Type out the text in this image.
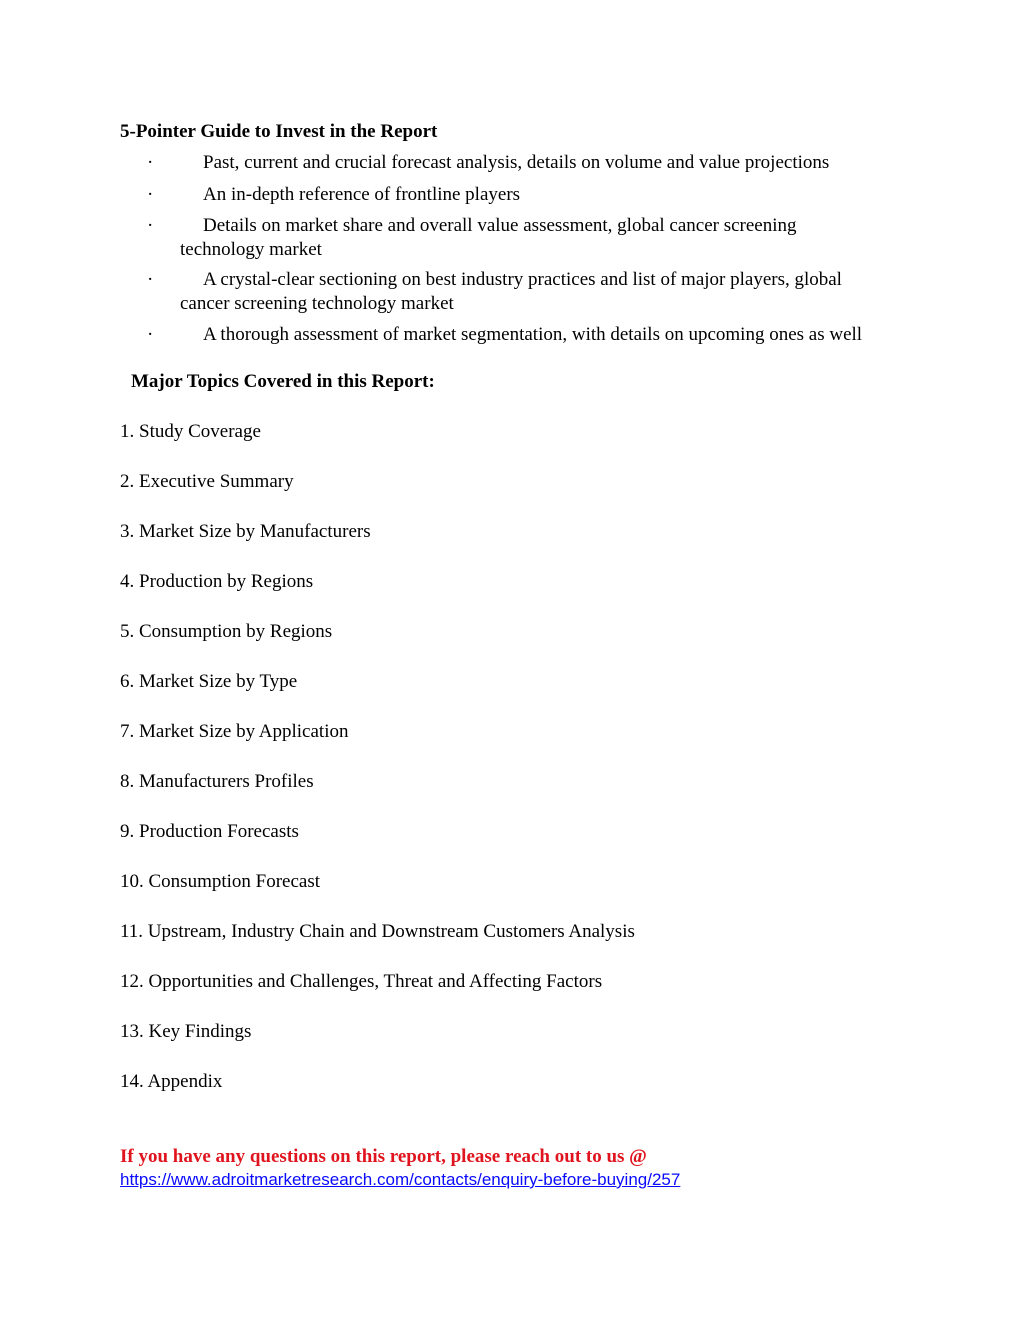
5-Pointer Guide to Invest in the Report
·	Past, current and crucial forecast analysis, details on volume and value projections
·	An in-depth reference of frontline players
·	Details on market share and overall value assessment, global cancer screening
technology market
·	A crystal-clear sectioning on best industry practices and list of major players, global
cancer screening technology market
·	A thorough assessment of market segmentation, with details on upcoming ones as well
Major Topics Covered in this Report:
1. Study Coverage
2. Executive Summary
3. Market Size by Manufacturers
4. Production by Regions
5. Consumption by Regions
6. Market Size by Type
7. Market Size by Application
8. Manufacturers Profiles
9. Production Forecasts
10. Consumption Forecast
11. Upstream, Industry Chain and Downstream Customers Analysis
12. Opportunities and Challenges, Threat and Affecting Factors
13. Key Findings
14. Appendix
If you have any questions on this report, please reach out to us @
https://www.adroitmarketresearch.com/contacts/enquiry-before-buying/257
